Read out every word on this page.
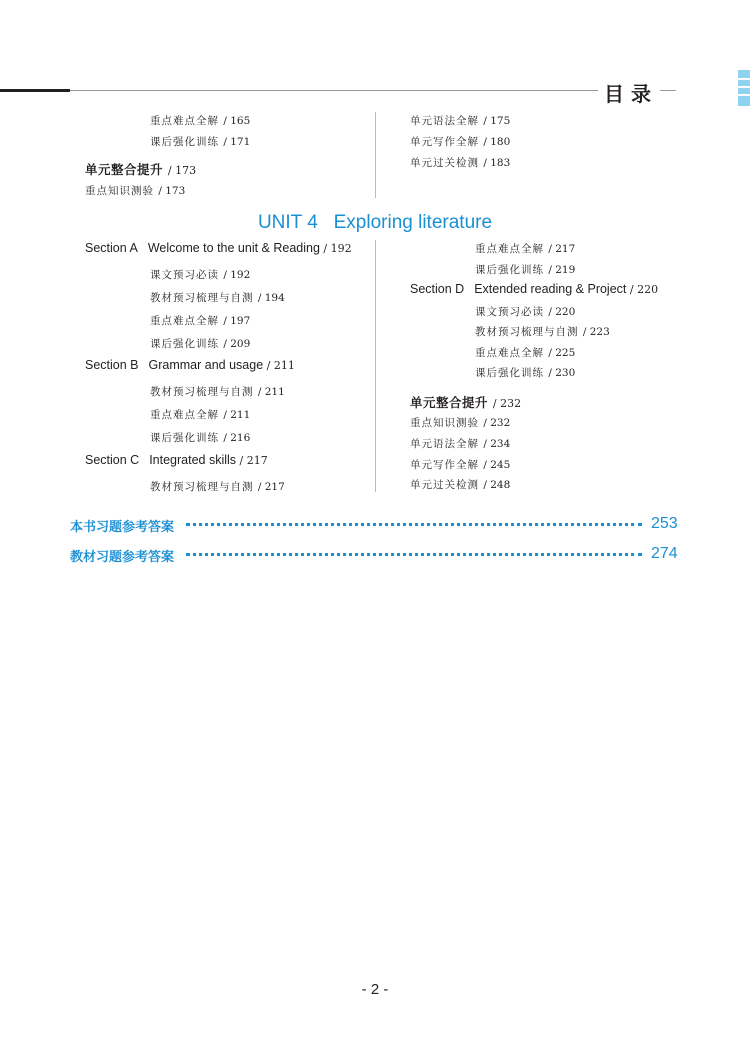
目 录
重点难点全解 / 165
课后强化训练 / 171
单元整合提升 / 173
重点知识测验 / 173
单元语法全解 / 175
单元写作全解 / 180
单元过关检测 / 183
UNIT 4   Exploring literature
Section A Welcome to the unit & Reading / 192
课文预习必读 / 192
教材预习梳理与自测 / 194
重点难点全解 / 197
课后强化训练 / 209
Section B Grammar and usage / 211
教材预习梳理与自测 / 211
重点难点全解 / 211
课后强化训练 / 216
Section C Integrated skills / 217
教材预习梳理与自测 / 217
重点难点全解 / 217
课后强化训练 / 219
Section D Extended reading & Project / 220
课文预习必读 / 220
教材预习梳理与自测 / 223
重点难点全解 / 225
课后强化训练 / 230
单元整合提升 / 232
重点知识测验 / 232
单元语法全解 / 234
单元写作全解 / 245
单元过关检测 / 248
本书习题参考答案	253
教材习题参考答案	274
- 2 -
